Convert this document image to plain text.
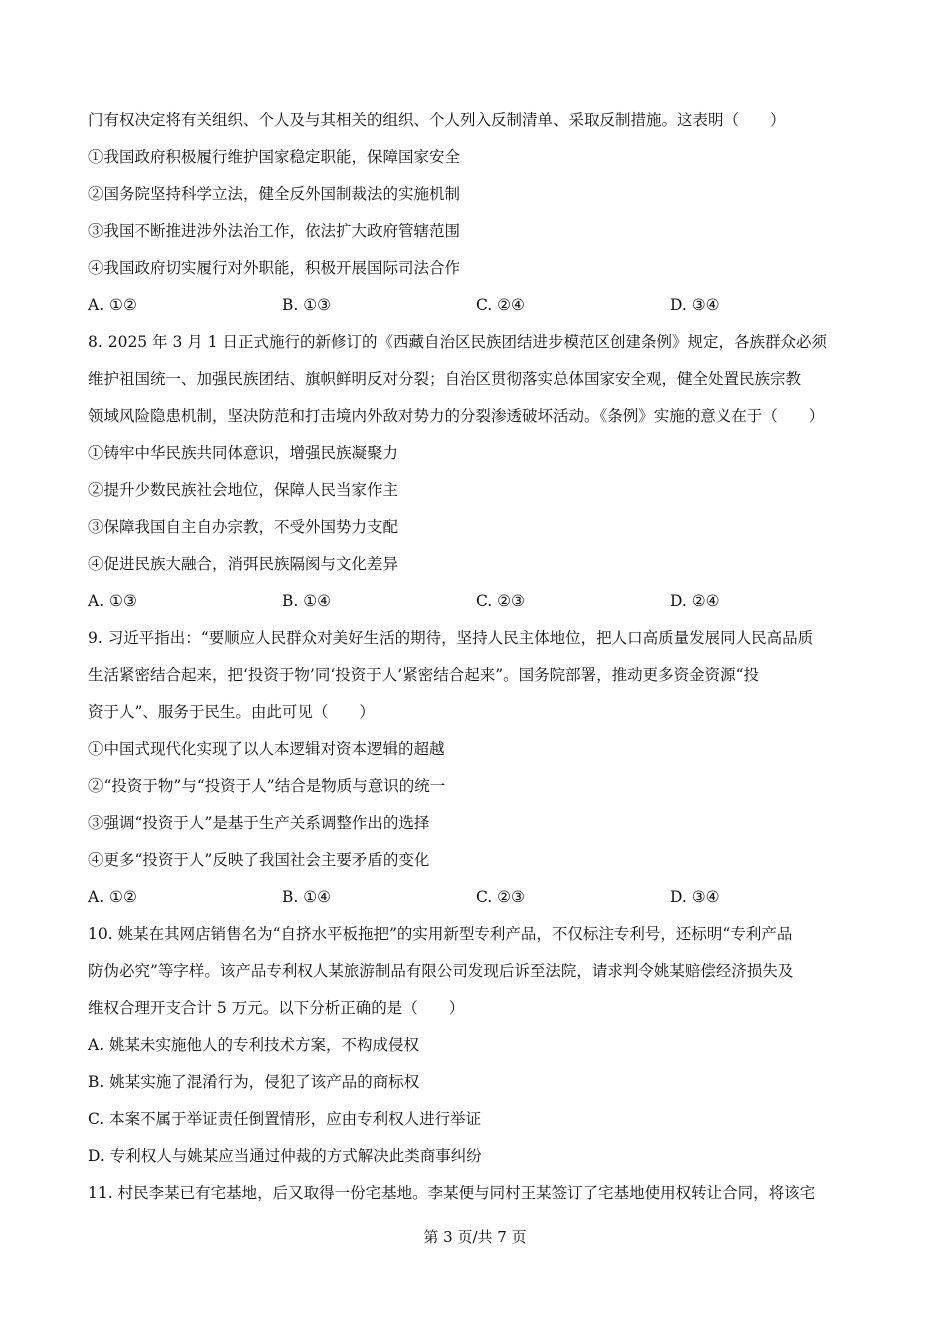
门有权决定将有关组织、个人及与其相关的组织、个人列入反制清单、采取反制措施。这表明（　　）
①我国政府积极履行维护国家稳定职能，保障国家安全
②国务院坚持科学立法，健全反外国制裁法的实施机制
③我国不断推进涉外法治工作，依法扩大政府管辖范围
④我国政府切实履行对外职能，积极开展国际司法合作
A. ①②	B. ①③	C. ②④	D. ③④
8. 2025 年 3 月 1 日正式施行的新修订的《西藏自治区民族团结进步模范区创建条例》规定，各族群众必须
维护祖国统一、加强民族团结、旗帜鲜明反对分裂；自治区贯彻落实总体国家安全观，健全处置民族宗教
领域风险隐患机制，坚决防范和打击境内外敌对势力的分裂渗透破坏活动。《条例》实施的意义在于（　　）
①铸牢中华民族共同体意识，增强民族凝聚力
②提升少数民族社会地位，保障人民当家作主
③保障我国自主自办宗教，不受外国势力支配
④促进民族大融合，消弭民族隔阂与文化差异
A. ①③	B. ①④	C. ②③	D. ②④
9. 习近平指出：“要顺应人民群众对美好生活的期待，坚持人民主体地位，把人口高质量发展同人民高品质
生活紧密结合起来，把‘投资于物’同‘投资于人’紧密结合起来”。国务院部署，推动更多资金资源“投
资于人”、服务于民生。由此可见（　　）
①中国式现代化实现了以人本逻辑对资本逻辑的超越
②“投资于物”与“投资于人”结合是物质与意识的统一
③强调“投资于人”是基于生产关系调整作出的选择
④更多“投资于人”反映了我国社会主要矛盾的变化
A. ①②	B. ①④	C. ②③	D. ③④
10. 姚某在其网店销售名为“自挤水平板拖把”的实用新型专利产品，不仅标注专利号，还标明“专利产品
防伪必究”等字样。该产品专利权人某旅游制品有限公司发现后诉至法院，请求判令姚某赔偿经济损失及
维权合理开支合计 5 万元。以下分析正确的是（　　）
A. 姚某未实施他人的专利技术方案，不构成侵权
B. 姚某实施了混淆行为，侵犯了该产品的商标权
C. 本案不属于举证责任倒置情形，应由专利权人进行举证
D. 专利权人与姚某应当通过仲裁的方式解决此类商事纠纷
11. 村民李某已有宅基地，后又取得一份宅基地。李某便与同村王某签订了宅基地使用权转让合同，将该宅
第 3 页/共 7 页
